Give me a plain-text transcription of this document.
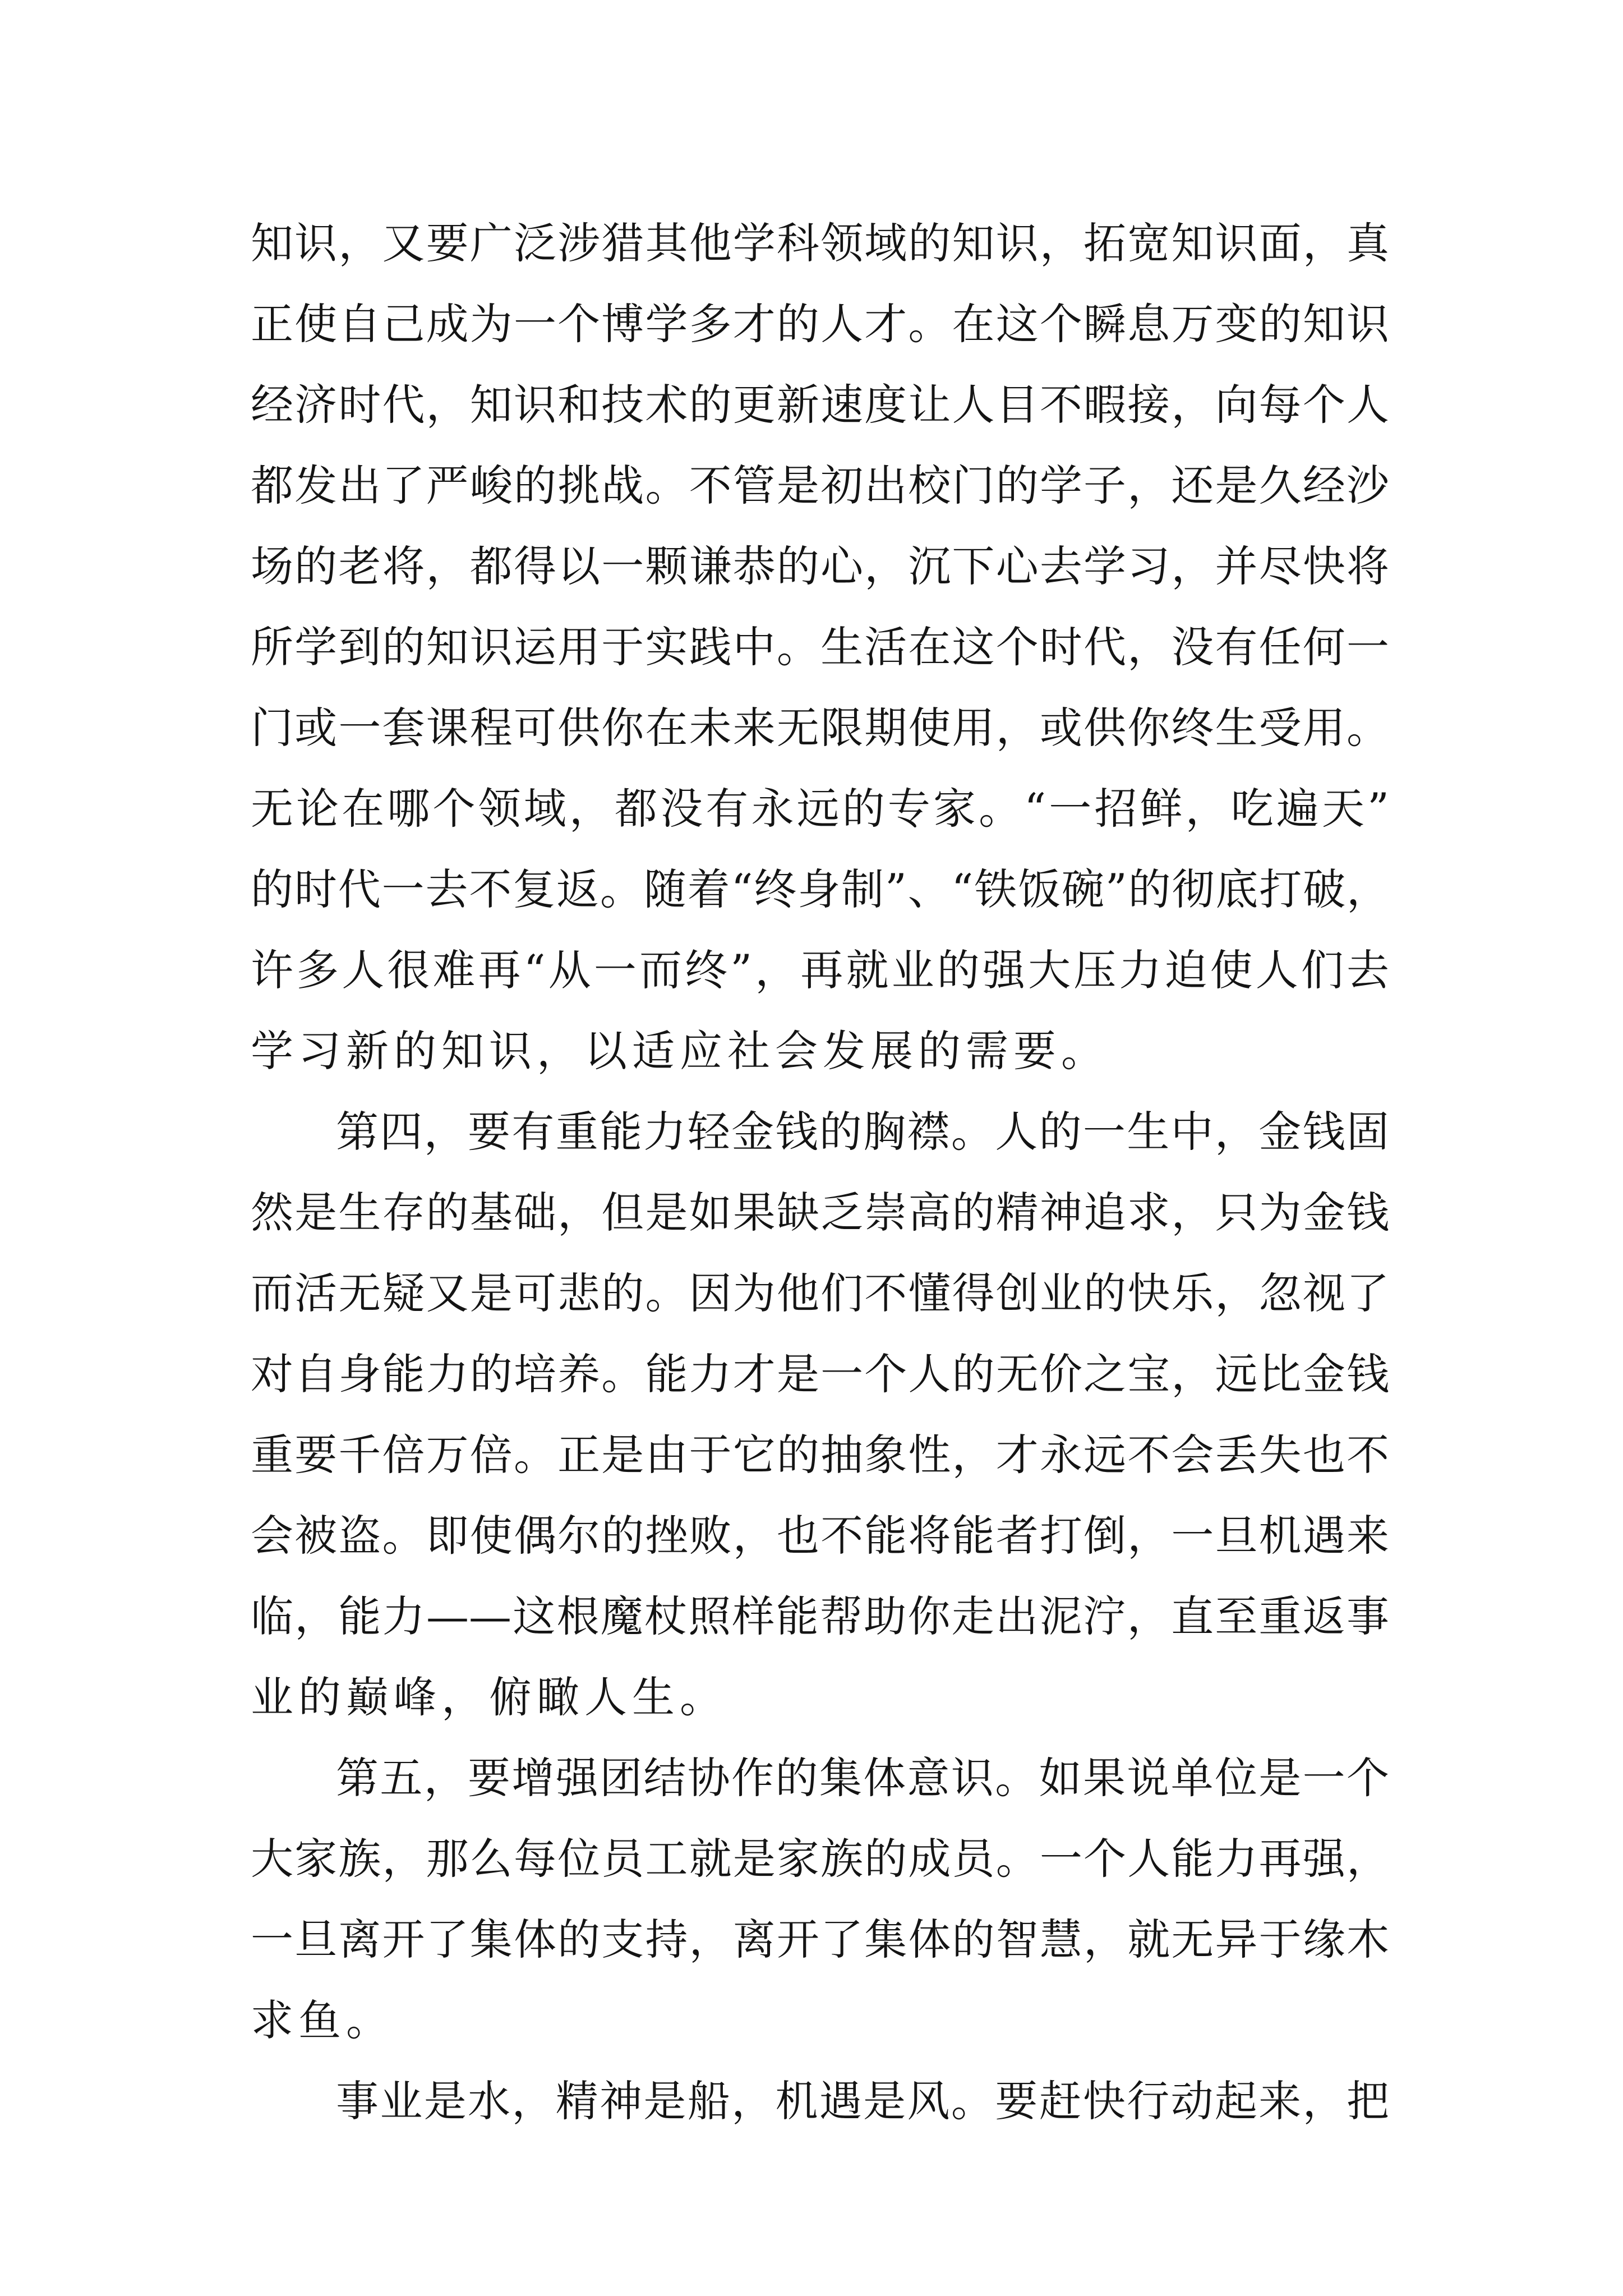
知识，又要广泛涉猎其他学科领域的知识，拓宽知识面，真
正使自己成为一个博学多才的人才。在这个瞬息万变的知识
经济时代，知识和技术的更新速度让人目不暇接，向每个人
都发出了严峻的挑战。不管是初出校门的学子，还是久经沙
场的老将，都得以一颗谦恭的心，沉下心去学习，并尽快将
所学到的知识运用于实践中。生活在这个时代，没有任何一
门或一套课程可供你在未来无限期使用，或供你终生受用。
无论在哪个领域，都没有永远的专家。“一招鲜，吃遍天”
的时代一去不复返。随着“终身制”、“铁饭碗”的彻底打破，
许多人很难再“从一而终”，再就业的强大压力迫使人们去
学习新的知识，以适应社会发展的需要。
第四，要有重能力轻金钱的胸襟。人的一生中，金钱固
然是生存的基础，但是如果缺乏崇高的精神追求，只为金钱
而活无疑又是可悲的。因为他们不懂得创业的快乐，忽视了
对自身能力的培养。能力才是一个人的无价之宝，远比金钱
重要千倍万倍。正是由于它的抽象性，才永远不会丢失也不
会被盗。即使偶尔的挫败，也不能将能者打倒，一旦机遇来
临，能力——这根魔杖照样能帮助你走出泥泞，直至重返事
业的巅峰，俯瞰人生。
第五，要增强团结协作的集体意识。如果说单位是一个
大家族，那么每位员工就是家族的成员。一个人能力再强，
一旦离开了集体的支持，离开了集体的智慧，就无异于缘木
求鱼。
事业是水，精神是船，机遇是风。要赶快行动起来，把
